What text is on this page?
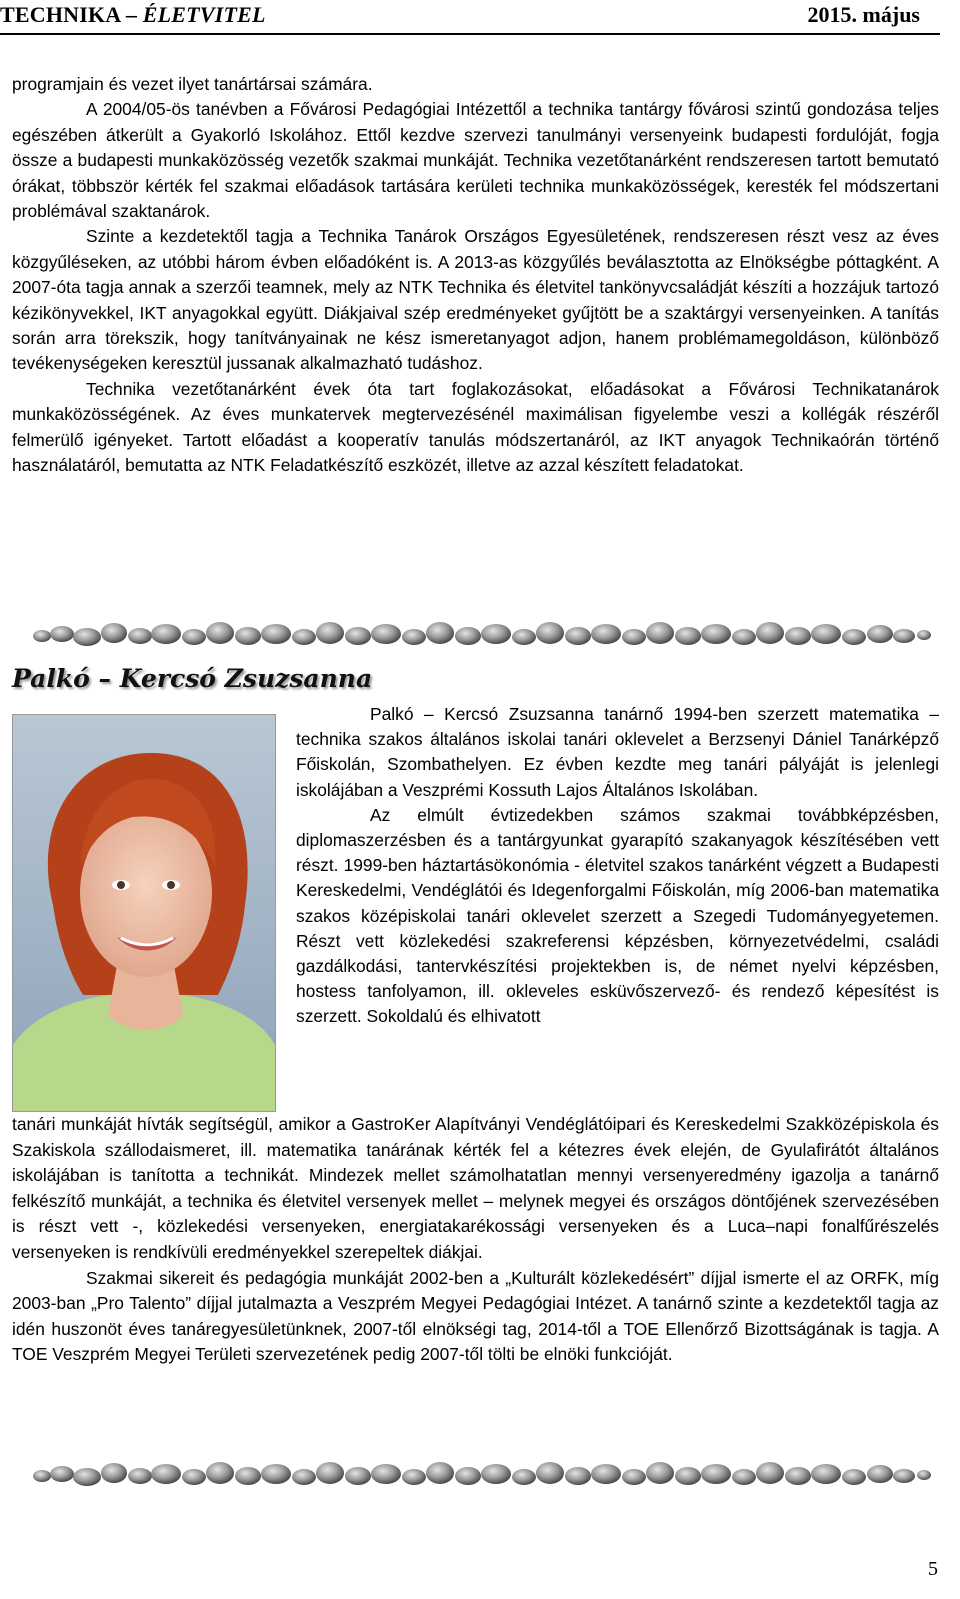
TECHNIKA – ÉLETVITEL	2015. május

programjain és vezet ilyet tanártársai számára.

A 2004/05-ös tanévben a Fővárosi Pedagógiai Intézettől a technika tantárgy fővárosi szintű gondozása teljes egészében átkerült a Gyakorló Iskolához. Ettől kezdve szervezi tanulmányi versenyeink budapesti fordulóját, fogja össze a budapesti munkaközösség vezetők szakmai munkáját. Technika vezetőtanárként rendszeresen tartott bemutató órákat, többször kérték fel szakmai előadások tartására kerületi technika munkaközösségek, keresték fel módszertani problémával szaktanárok.

Szinte a kezdetektől tagja a Technika Tanárok Országos Egyesületének, rendszeresen részt vesz az éves közgyűléseken, az utóbbi három évben előadóként is. A 2013-as közgyűlés beválasztotta az Elnökségbe póttagként. A 2007-óta tagja annak a szerzői teamnek, mely az NTK Technika és életvitel tankönyvcsaládját készíti a hozzájuk tartozó kézikönyvekkel, IKT anyagokkal együtt. Diákjaival szép eredményeket gyűjtött be a szaktárgyi versenyeinken. A tanítás során arra törekszik, hogy tanítványainak ne kész ismeretanyagot adjon, hanem problémamegoldáson, különböző tevékenységeken keresztül jussanak alkalmazható tudáshoz.

Technika vezetőtanárként évek óta tart foglakozásokat, előadásokat a Fővárosi Technikatanárok munkaközösségének. Az éves munkatervek megtervezésénél maximálisan figyelembe veszi a kollégák részéről felmerülő igényeket. Tartott előadást a kooperatív tanulás módszertanáról, az IKT anyagok Technikaórán történő használatáról, bemutatta az NTK Feladatkészítő eszközét, illetve az azzal készített feladatokat.

Palkó – Kercsó Zsuzsanna

Palkó – Kercsó Zsuzsanna tanárnő 1994-ben szerzett matematika – technika szakos általános iskolai tanári oklevelet a Berzsenyi Dániel Tanárképző Főiskolán, Szombathelyen. Ez évben kezdte meg tanári pályáját is jelenlegi iskolájában a Veszprémi Kossuth Lajos Általános Iskolában.

Az elmúlt évtizedekben számos szakmai továbbképzésben, diplomaszerzésben és a tantárgyunkat gyarapító szakanyagok készítésében vett részt. 1999-ben háztartásökonómia - életvitel szakos tanárként végzett a Budapesti Kereskedelmi, Vendéglátói és Idegenforgalmi Főiskolán, míg 2006-ban matematika szakos középiskolai tanári oklevelet szerzett a Szegedi Tudományegyetemen. Részt vett közlekedési szakreferensi képzésben, környezetvédelmi, családi gazdálkodási, tantervkészítési projektekben is, de német nyelvi képzésben, hostess tanfolyamon, ill. okleveles esküvőszervező- és rendező képesítést is szerzett. Sokoldalú és elhivatott

tanári munkáját hívták segítségül, amikor a GastroKer Alapítványi Vendéglátóipari és Kereskedelmi Szakközépiskola és Szakiskola szállodaismeret, ill. matematika tanárának kérték fel a kétezres évek elején, de Gyulafirátót általános iskolájában is tanította a technikát. Mindezek mellet számolhatatlan mennyi versenyeredmény igazolja a tanárnő felkészítő munkáját, a technika és életvitel versenyek mellet – melynek megyei és országos döntőjének szervezésében is részt vett -, közlekedési versenyeken, energiatakarékossági versenyeken és a Luca–napi fonalfűrészelés versenyeken is rendkívüli eredményekkel szerepeltek diákjai.

Szakmai sikereit és pedagógia munkáját 2002-ben a „Kulturált közlekedésért” díjjal ismerte el az ORFK, míg 2003-ban „Pro Talento” díjjal jutalmazta a Veszprém Megyei Pedagógiai Intézet. A tanárnő szinte a kezdetektől tagja az idén huszonöt éves tanáregyesületünknek, 2007-től elnökségi tag, 2014-től a TOE Ellenőrző Bizottságának is tagja. A TOE Veszprém Megyei Területi szervezetének pedig 2007-től tölti be elnöki funkcióját.

5
